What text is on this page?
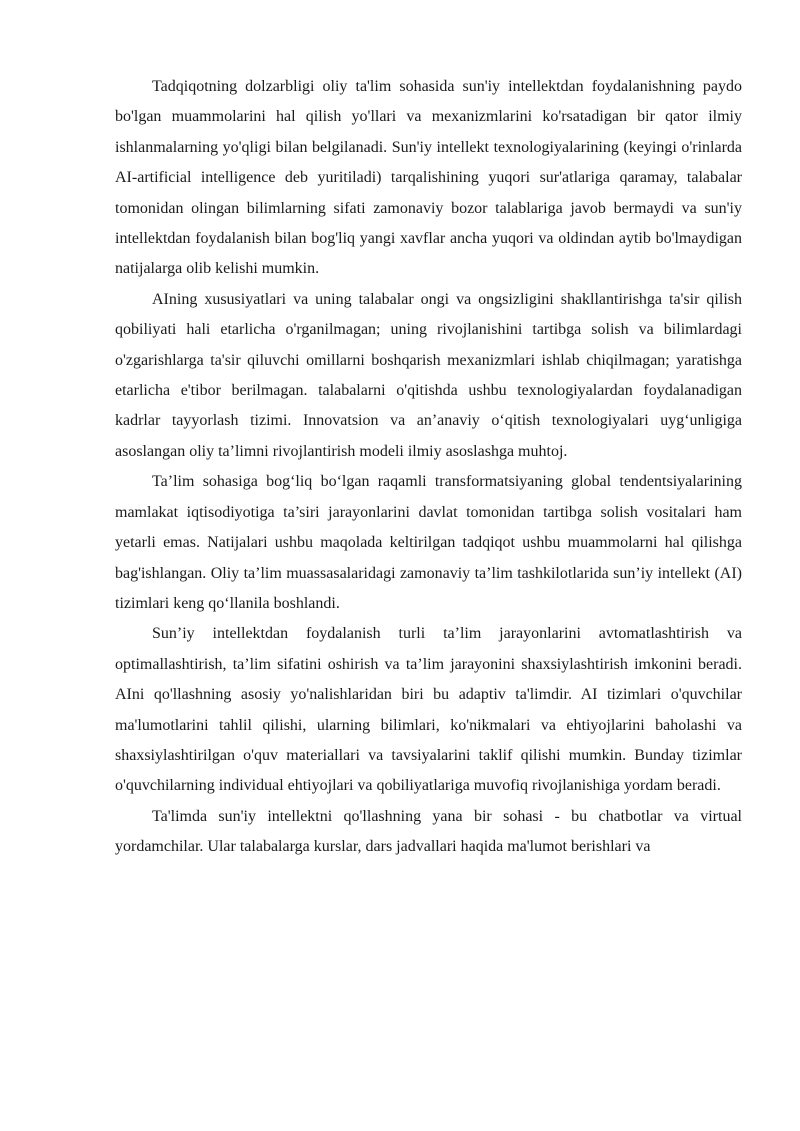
Tadqiqotning dolzarbligi oliy ta'lim sohasida sun'iy intellektdan foydalanishning paydo bo'lgan muammolarini hal qilish yo'llari va mexanizmlarini ko'rsatadigan bir qator ilmiy ishlanmalarning yo'qligi bilan belgilanadi. Sun'iy intellekt texnologiyalarining (keyingi o'rinlarda AI-artificial intelligence deb yuritiladi) tarqalishining yuqori sur'atlariga qaramay, talabalar tomonidan olingan bilimlarning sifati zamonaviy bozor talablariga javob bermaydi va sun'iy intellektdan foydalanish bilan bog'liq yangi xavflar ancha yuqori va oldindan aytib bo'lmaydigan natijalarga olib kelishi mumkin.

AIning xususiyatlari va uning talabalar ongi va ongsizligini shakllantirishga ta'sir qilish qobiliyati hali etarlicha o'rganilmagan; uning rivojlanishini tartibga solish va bilimlardagi o'zgarishlarga ta'sir qiluvchi omillarni boshqarish mexanizmlari ishlab chiqilmagan; yaratishga etarlicha e'tibor berilmagan. talabalarni o'qitishda ushbu texnologiyalardan foydalanadigan kadrlar tayyorlash tizimi. Innovatsion va an’anaviy o‘qitish texnologiyalari uyg‘unligiga asoslangan oliy ta’limni rivojlantirish modeli ilmiy asoslashga muhtoj.

Ta’lim sohasiga bog‘liq bo‘lgan raqamli transformatsiyaning global tendentsiyalarining mamlakat iqtisodiyotiga ta’siri jarayonlarini davlat tomonidan tartibga solish vositalari ham yetarli emas. Natijalari ushbu maqolada keltirilgan tadqiqot ushbu muammolarni hal qilishga bag'ishlangan. Oliy ta’lim muassasalaridagi zamonaviy ta’lim tashkilotlarida sun’iy intellekt (AI) tizimlari keng qo‘llanila boshlandi.

Sun’iy intellektdan foydalanish turli ta’lim jarayonlarini avtomatlashtirish va optimallashtirish, ta’lim sifatini oshirish va ta’lim jarayonini shaxsiylashtirish imkonini beradi. AIni qo'llashning asosiy yo'nalishlaridan biri bu adaptiv ta'limdir. AI tizimlari o'quvchilar ma'lumotlarini tahlil qilishi, ularning bilimlari, ko'nikmalari va ehtiyojlarini baholashi va shaxsiylashtirilgan o'quv materiallari va tavsiyalarini taklif qilishi mumkin. Bunday tizimlar o'quvchilarning individual ehtiyojlari va qobiliyatlariga muvofiq rivojlanishiga yordam beradi.

Ta'limda sun'iy intellektni qo'llashning yana bir sohasi - bu chatbotlar va virtual yordamchilar. Ular talabalarga kurslar, dars jadvallari haqida ma'lumot berishlari va
